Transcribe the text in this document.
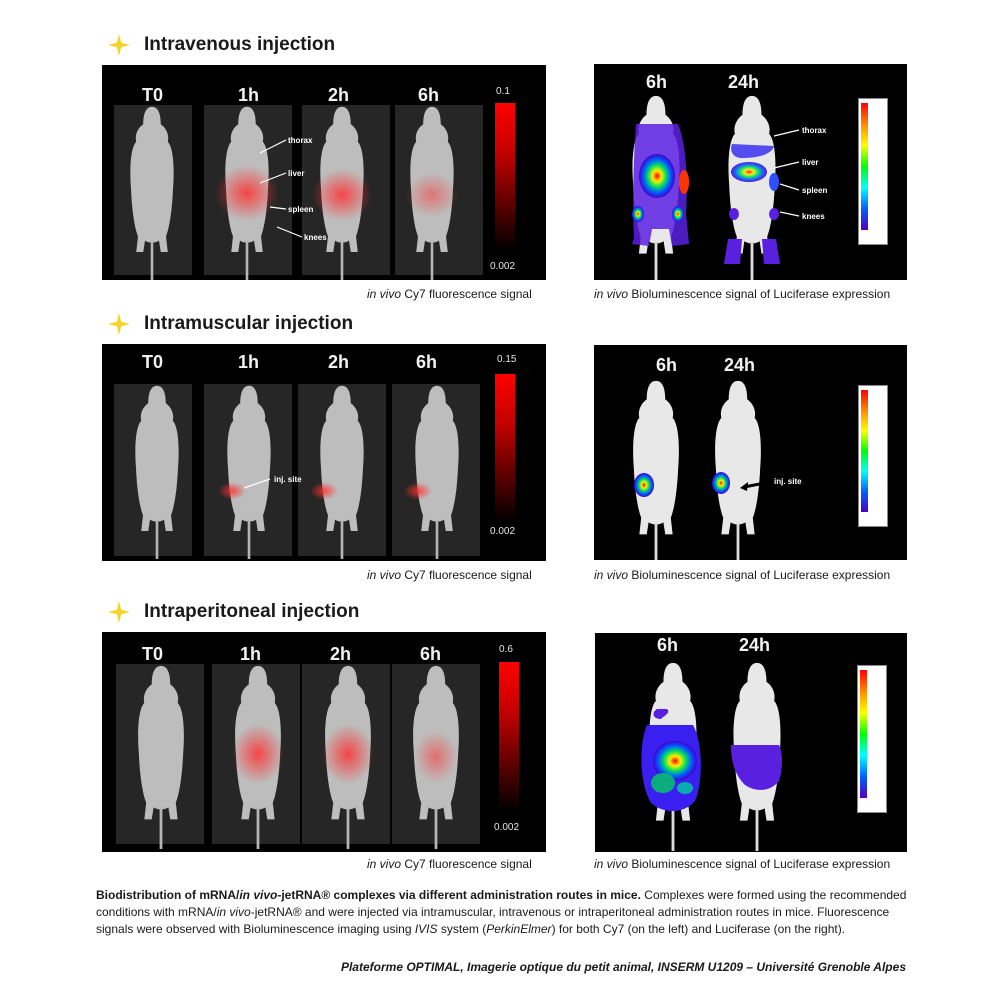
Intravenous injection
T0	1h	2h	6h
thorax
liver
spleen
knees
0.1
0.002
in vivo Cy7 fluorescence signal
6h	24h
thorax
liver
spleen
knees
in vivo Bioluminescence signal of Luciferase expression
Intramuscular injection
T0	1h	2h	6h
inj. site
0.15
0.002
in vivo Cy7 fluorescence signal
6h	24h
inj. site
in vivo Bioluminescence signal of Luciferase expression
Intraperitoneal injection
T0	1h	2h	6h	0.6
0.002
in vivo Cy7 fluorescence signal
6h	24h
in vivo Bioluminescence signal of Luciferase expression
Biodistribution of mRNA/in vivo-jetRNA® complexes via different administration routes in mice. Complexes were formed using the recommended conditions with mRNA/in vivo-jetRNA® and were injected via intramuscular, intravenous or intraperitoneal administration routes in mice. Fluorescence signals were observed with Bioluminescence imaging using IVIS system (PerkinElmer) for both Cy7 (on the left) and Luciferase (on the right).
Plateforme OPTIMAL, Imagerie optique du petit animal, INSERM U1209 – Université Grenoble Alpes
